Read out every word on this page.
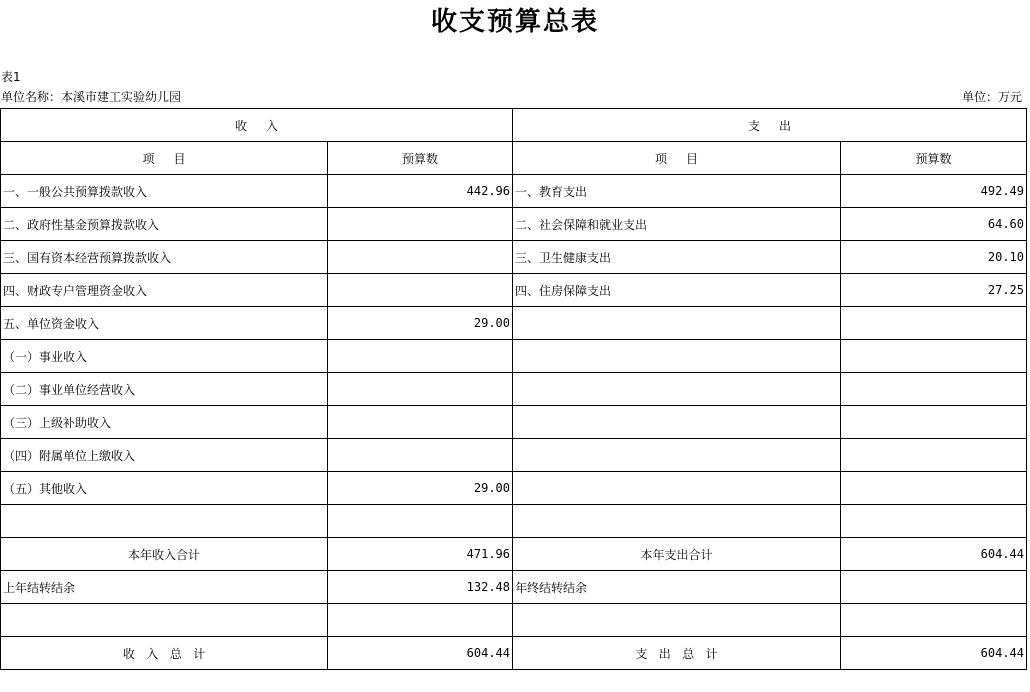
收支预算总表
表1
单位名称：本溪市建工实验幼儿园	单位：万元
收     入		支     出	
项     目	预算数	项     目	预算数
一、一般公共预算拨款收入	442.96	一、教育支出	492.49
二、政府性基金预算拨款收入		二、社会保障和就业支出	64.60
三、国有资本经营预算拨款收入		三、卫生健康支出	20.10
四、财政专户管理资金收入		四、住房保障支出	27.25
五、单位资金收入	29.00		
（一）事业收入			
（二）事业单位经营收入			
（三）上级补助收入			
（四）附属单位上缴收入			
（五）其他收入	29.00		

本年收入合计	471.96	本年支出合计	604.44
上年结转结余	132.48	年终结转结余	

收   入   总   计	604.44	支   出   总   计	604.44
